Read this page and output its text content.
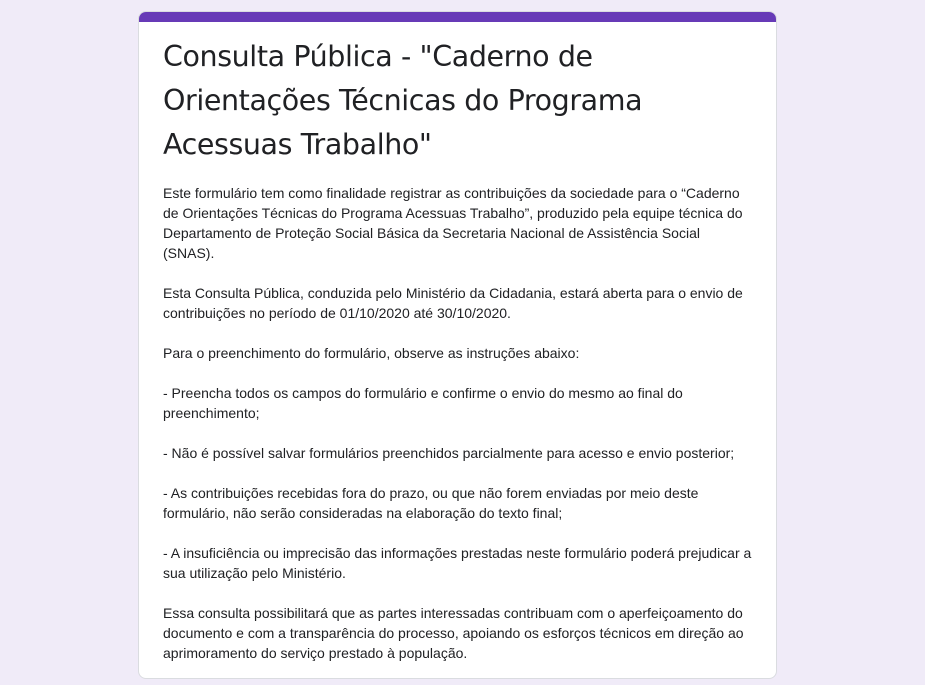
Consulta Pública - "Caderno de Orientações Técnicas do Programa Acessuas Trabalho"

Este formulário tem como finalidade registrar as contribuições da sociedade para o “Caderno de Orientações Técnicas do Programa Acessuas Trabalho”, produzido pela equipe técnica do Departamento de Proteção Social Básica da Secretaria Nacional de Assistência Social (SNAS).

Esta Consulta Pública, conduzida pelo Ministério da Cidadania, estará aberta para o envio de contribuições no período de 01/10/2020 até 30/10/2020.

Para o preenchimento do formulário, observe as instruções abaixo:

- Preencha todos os campos do formulário e confirme o envio do mesmo ao final do preenchimento;

- Não é possível salvar formulários preenchidos parcialmente para acesso e envio posterior;

- As contribuições recebidas fora do prazo, ou que não forem enviadas por meio deste formulário, não serão consideradas na elaboração do texto final;

- A insuficiência ou imprecisão das informações prestadas neste formulário poderá prejudicar a sua utilização pelo Ministério.

Essa consulta possibilitará que as partes interessadas contribuam com o aperfeiçoamento do documento e com a transparência do processo, apoiando os esforços técnicos em direção ao aprimoramento do serviço prestado à população.
